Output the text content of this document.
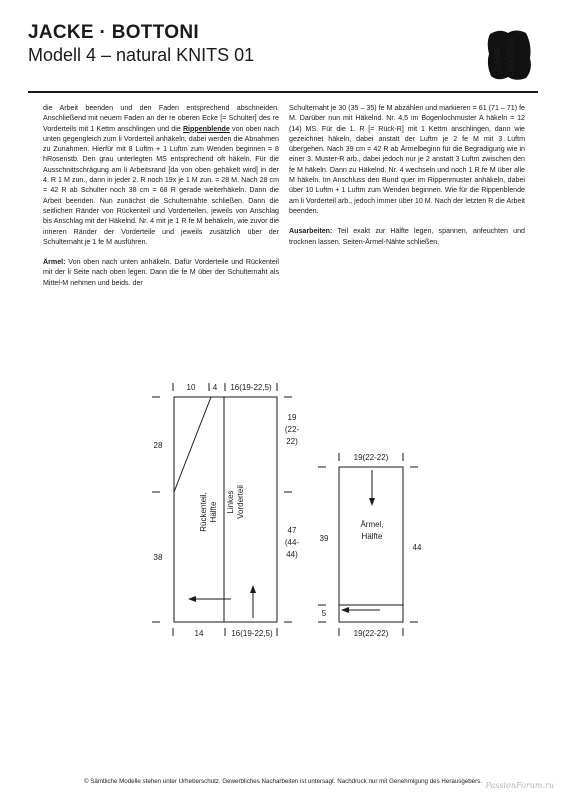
JACKE · BOTTONI
Modell 4 – natural KNITS 01	LANA GROSSA

die Arbeit beenden und den Faden entsprechend abschneiden. Anschließend mit neuem Faden an der re oberen Ecke [= Schulter] des re Vorderteils mit 1 Kettm anschlingen und die Rippenblende von oben nach unten gegengleich zum li Vorderteil anhäkeln, dabei werden die Abnahmen zu Zunahmen. Hierfür mit 8 Luftm + 1 Luftm zum Wenden beginnen = 8 hRosenstb. Den grau unterlegten MS entsprechend oft häkeln. Für die Ausschnittschrägung am li Arbeitsrand [da von oben gehäkelt wird] in der 4. R 1 M zun., dann in jeder 2. R noch 19x je 1 M zun. = 28 M. Nach 28 cm = 42 R ab Schulter noch 38 cm = 68 R gerade weiterhäkeln. Dann die Arbeit beenden. Nun zunächst die Schulternähte schließen. Dann die seitlichen Ränder von Rückenteil und Vorderteilen, jeweils von Anschlag bis Anschlag mit der Häkelnd. Nr. 4 mit je 1 R fe M behäkeln, wie zuvor die inneren Ränder der Vorderteile und jeweils zusätzlich über der Schulternaht je 1 fe M ausführen.

Ärmel: Von oben nach unten anhäkeln. Dafür Vorderteile und Rückenteil mit der li Seite nach oben legen. Dann die fe M über der Schulternaht als Mittel-M nehmen und beids. der

Schulternaht je 30 (35 – 35) fe M abzählen und markieren = 61 (71 – 71) fe M. Darüber nun mit Häkelnd. Nr. 4,5 im Bogenlochmuster A häkeln = 12 (14) MS. Für die 1. R [= Rück-R] mit 1 Kettm anschlingen, dann wie gezeichnet häkeln, dabei anstatt der Luftm je 2 fe M mit 3 Luftm übergehen. Nach 39 cm = 42 R ab Ärmelbeginn für die Begradigung wie in einer 3. Muster-R arb., dabei jedoch nur je 2 anstatt 3 Luftm zwischen den fe M häkeln. Dann zu Häkelnd. Nr. 4 wechseln und noch 1 R fe M über alle M häkeln. Im Anschluss den Bund quer im Rippenmuster anhäkeln, dabei über 10 Luftm + 1 Luftm zum Wenden beginnen. Wie für die Rippenblende am li Vorderteil arb., jedoch immer über 10 M. Nach der letzten R die Arbeit beenden.

Ausarbeiten: Teil exakt zur Hälfte legen, spannen, anfeuchten und trocknen lassen. Seiten-Ärmel-Nähte schließen.

10 4 16(19-22,5)
28
38
19
(22-
22)
47
(44-
44)
14	16(19-22,5)
Rückenteil, Hälfte Linkes Vorderteil
19(22-22)
Ärmel,
Hälfte
39
44
5
19(22-22)
© Sämtliche Modelle stehen unter Urheberschutz. Gewerbliches Nacharbeiten ist untersagt. Nachdruck nur mit Genehmigung des Herausgebers. PassionForum.ru
